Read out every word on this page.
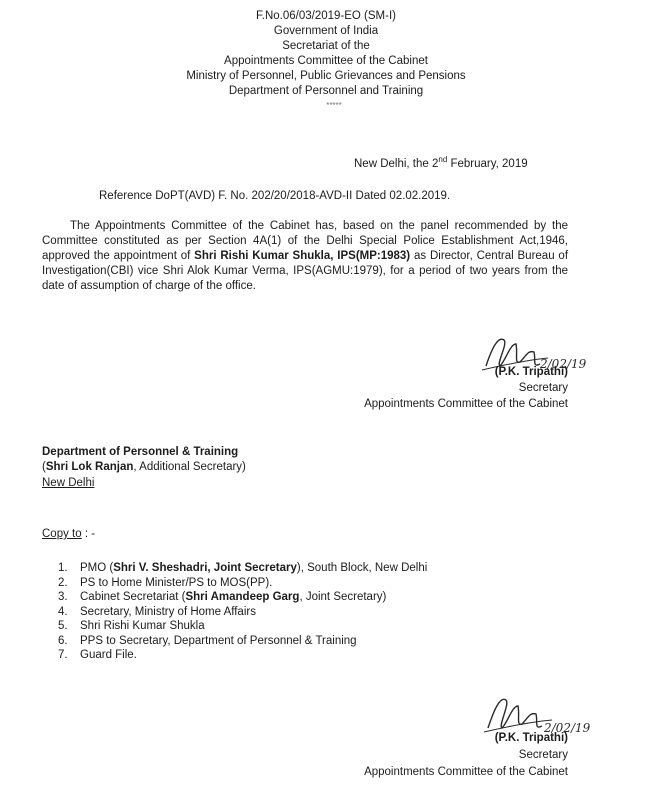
F.No.06/03/2019-EO (SM-I)
Government of India
Secretariat of the
Appointments Committee of the Cabinet
Ministry of Personnel, Public Grievances and Pensions
Department of Personnel and Training
*****
New Delhi, the 2nd February, 2019
Reference DoPT(AVD) F. No. 202/20/2018-AVD-II Dated 02.02.2019.
The Appointments Committee of the Cabinet has, based on the panel recommended by the Committee constituted as per Section 4A(1) of the Delhi Special Police Establishment Act,1946, approved the appointment of Shri Rishi Kumar Shukla, IPS(MP:1983) as Director, Central Bureau of Investigation(CBI) vice Shri Alok Kumar Verma, IPS(AGMU:1979), for a period of two years from the date of assumption of charge of the office.
2/02/19
(P.K. Tripathi)
Secretary
Appointments Committee of the Cabinet
Department of Personnel & Training
(Shri Lok Ranjan, Additional Secretary)
New Delhi
Copy to : -
1. PMO (Shri V. Sheshadri, Joint Secretary), South Block, New Delhi
2. PS to Home Minister/PS to MOS(PP).
3. Cabinet Secretariat (Shri Amandeep Garg, Joint Secretary)
4. Secretary, Ministry of Home Affairs
5. Shri Rishi Kumar Shukla
6. PPS to Secretary, Department of Personnel & Training
7. Guard File.
2/02/19
(P.K. Tripathi)
Secretary
Appointments Committee of the Cabinet
